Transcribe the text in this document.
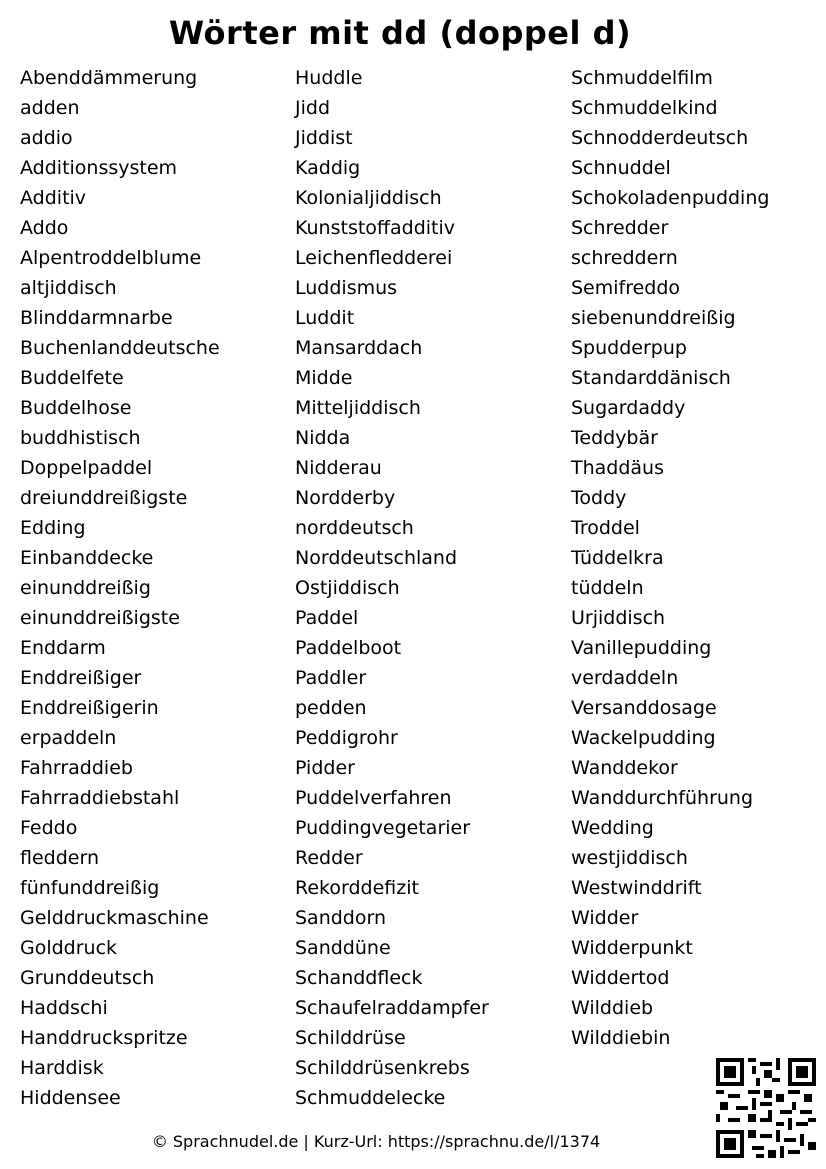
Wörter mit dd (doppel d)
Abenddämmerung
adden
addio
Additionssystem
Additiv
Addo
Alpentroddelblume
altjiddisch
Blinddarmnarbe
Buchenlanddeutsche
Buddelfete
Buddelhose
buddhistisch
Doppelpaddel
dreiunddreißigste
Edding
Einbanddecke
einunddreißig
einunddreißigste
Enddarm
Enddreißiger
Enddreißigerin
erpaddeln
Fahrraddieb
Fahrraddiebstahl
Feddo
fleddern
fünfunddreißig
Gelddruckmaschine
Golddruck
Grunddeutsch
Haddschi
Handdruckspritze
Harddisk
Hiddensee
Huddle
Jidd
Jiddist
Kaddig
Kolonialjiddisch
Kunststoffadditiv
Leichenfledderei
Luddismus
Luddit
Mansarddach
Midde
Mitteljiddisch
Nidda
Nidderau
Nordderby
norddeutsch
Norddeutschland
Ostjiddisch
Paddel
Paddelboot
Paddler
pedden
Peddigrohr
Pidder
Puddelverfahren
Puddingvegetarier
Redder
Rekorddefizit
Sanddorn
Sanddüne
Schanddfleck
Schaufelraddampfer
Schilddrüse
Schilddrüsenkrebs
Schmuddelecke
Schmuddelfilm
Schmuddelkind
Schnodderdeutsch
Schnuddel
Schokoladenpudding
Schredder
schreddern
Semifreddo
siebenunddreißig
Spudderpup
Standarddänisch
Sugardaddy
Teddybär
Thaddäus
Toddy
Troddel
Tüddelkra
tüddeln
Urjiddisch
Vanillepudding
verdaddeln
Versanddosage
Wackelpudding
Wanddekor
Wanddurchführung
Wedding
westjiddisch
Westwinddrift
Widder
Widderpunkt
Widdertod
Wilddieb
Wilddiebin
© Sprachnudel.de | Kurz-Url: https://sprachnu.de/l/1374
